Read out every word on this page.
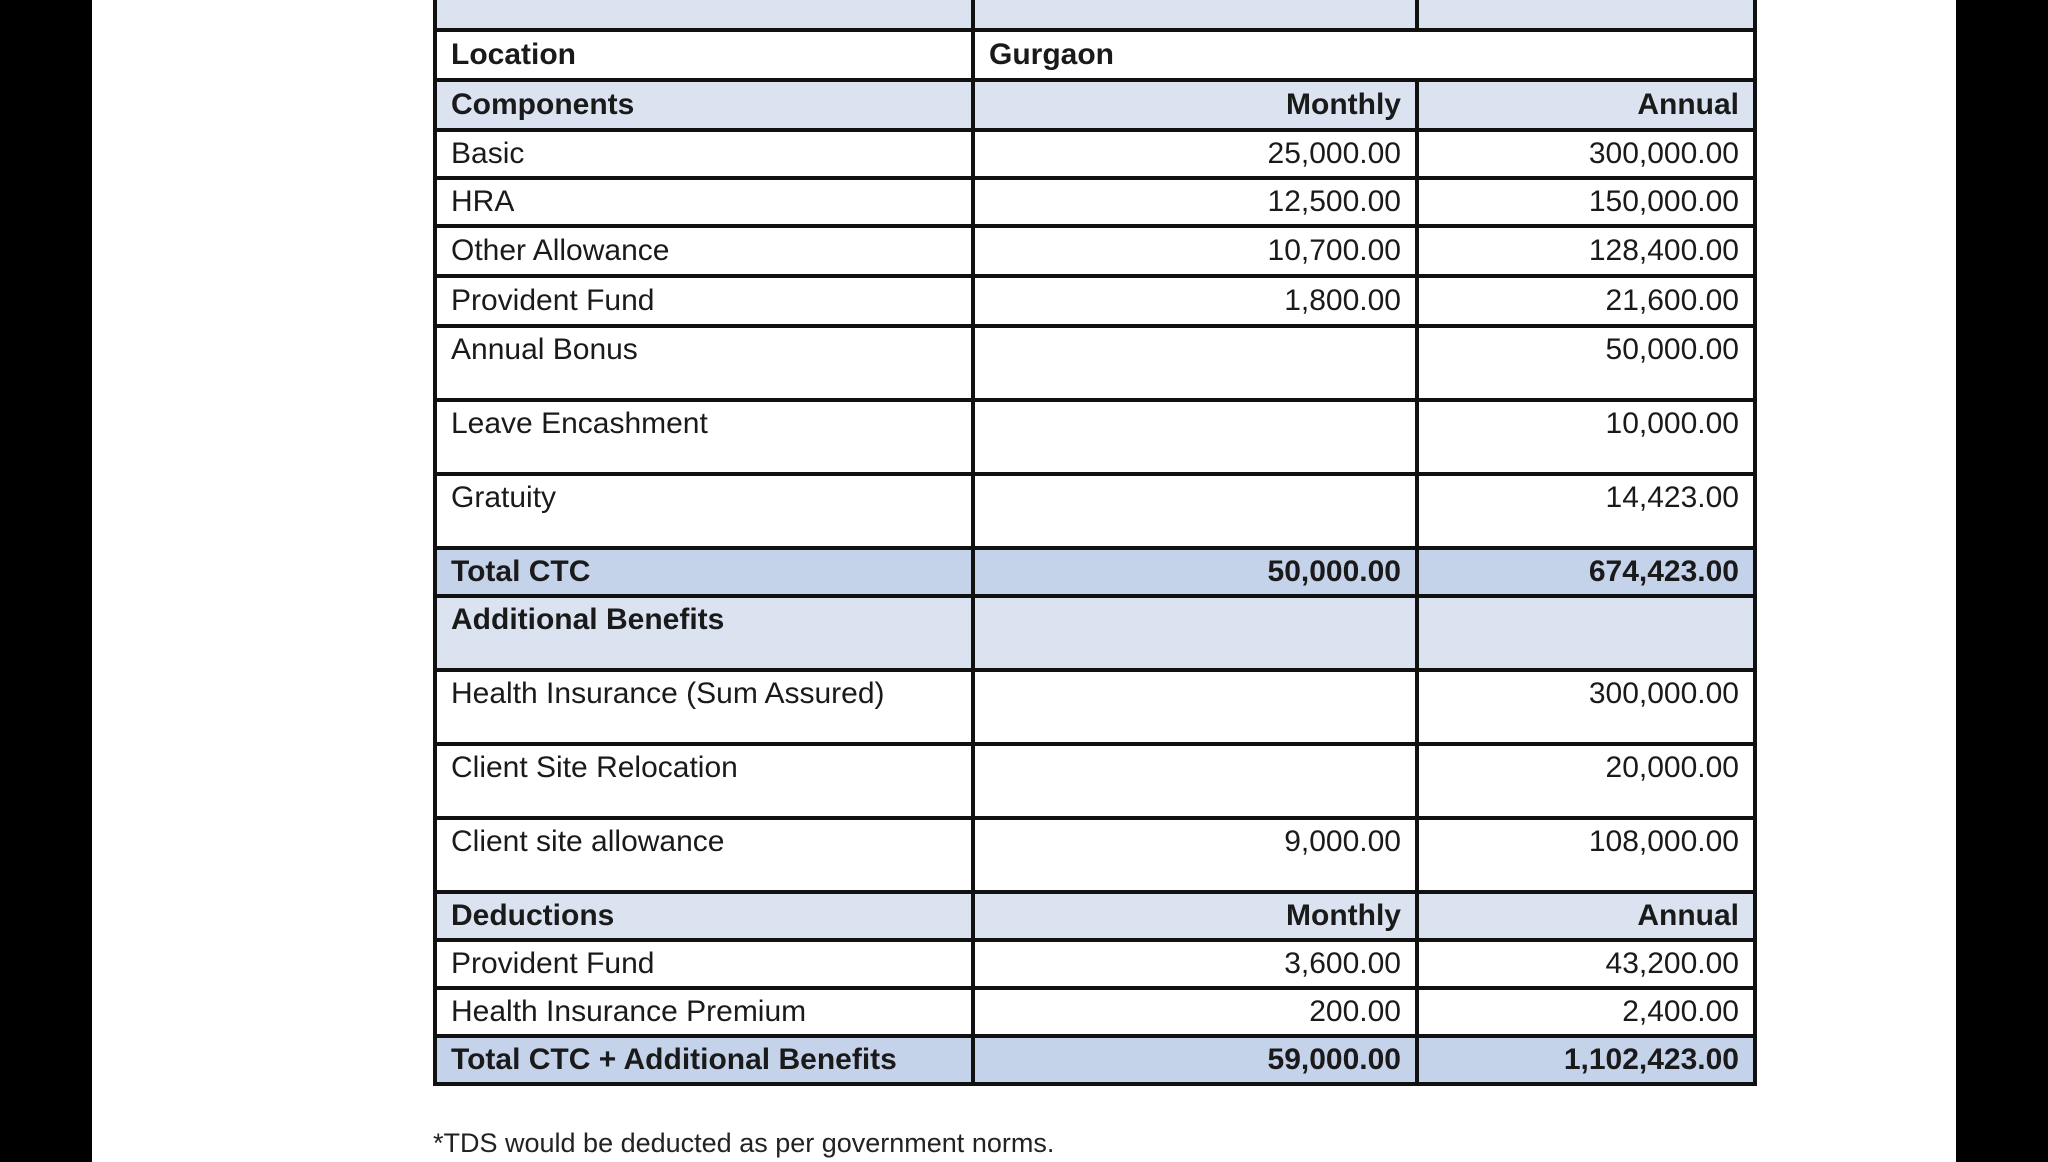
Location	Gurgaon	
Components	Monthly	Annual
Basic	25,000.00	300,000.00
HRA	12,500.00	150,000.00
Other Allowance	10,700.00	128,400.00
Provident Fund	1,800.00	21,600.00
Annual Bonus		50,000.00
Leave Encashment		10,000.00
Gratuity		14,423.00
Total CTC	50,000.00	674,423.00
Additional Benefits		
Health Insurance (Sum Assured)		300,000.00
Client Site Relocation		20,000.00
Client site allowance	9,000.00	108,000.00
Deductions	Monthly	Annual
Provident Fund	3,600.00	43,200.00
Health Insurance Premium	200.00	2,400.00
Total CTC + Additional Benefits	59,000.00	1,102,423.00
*TDS would be deducted as per government norms.
